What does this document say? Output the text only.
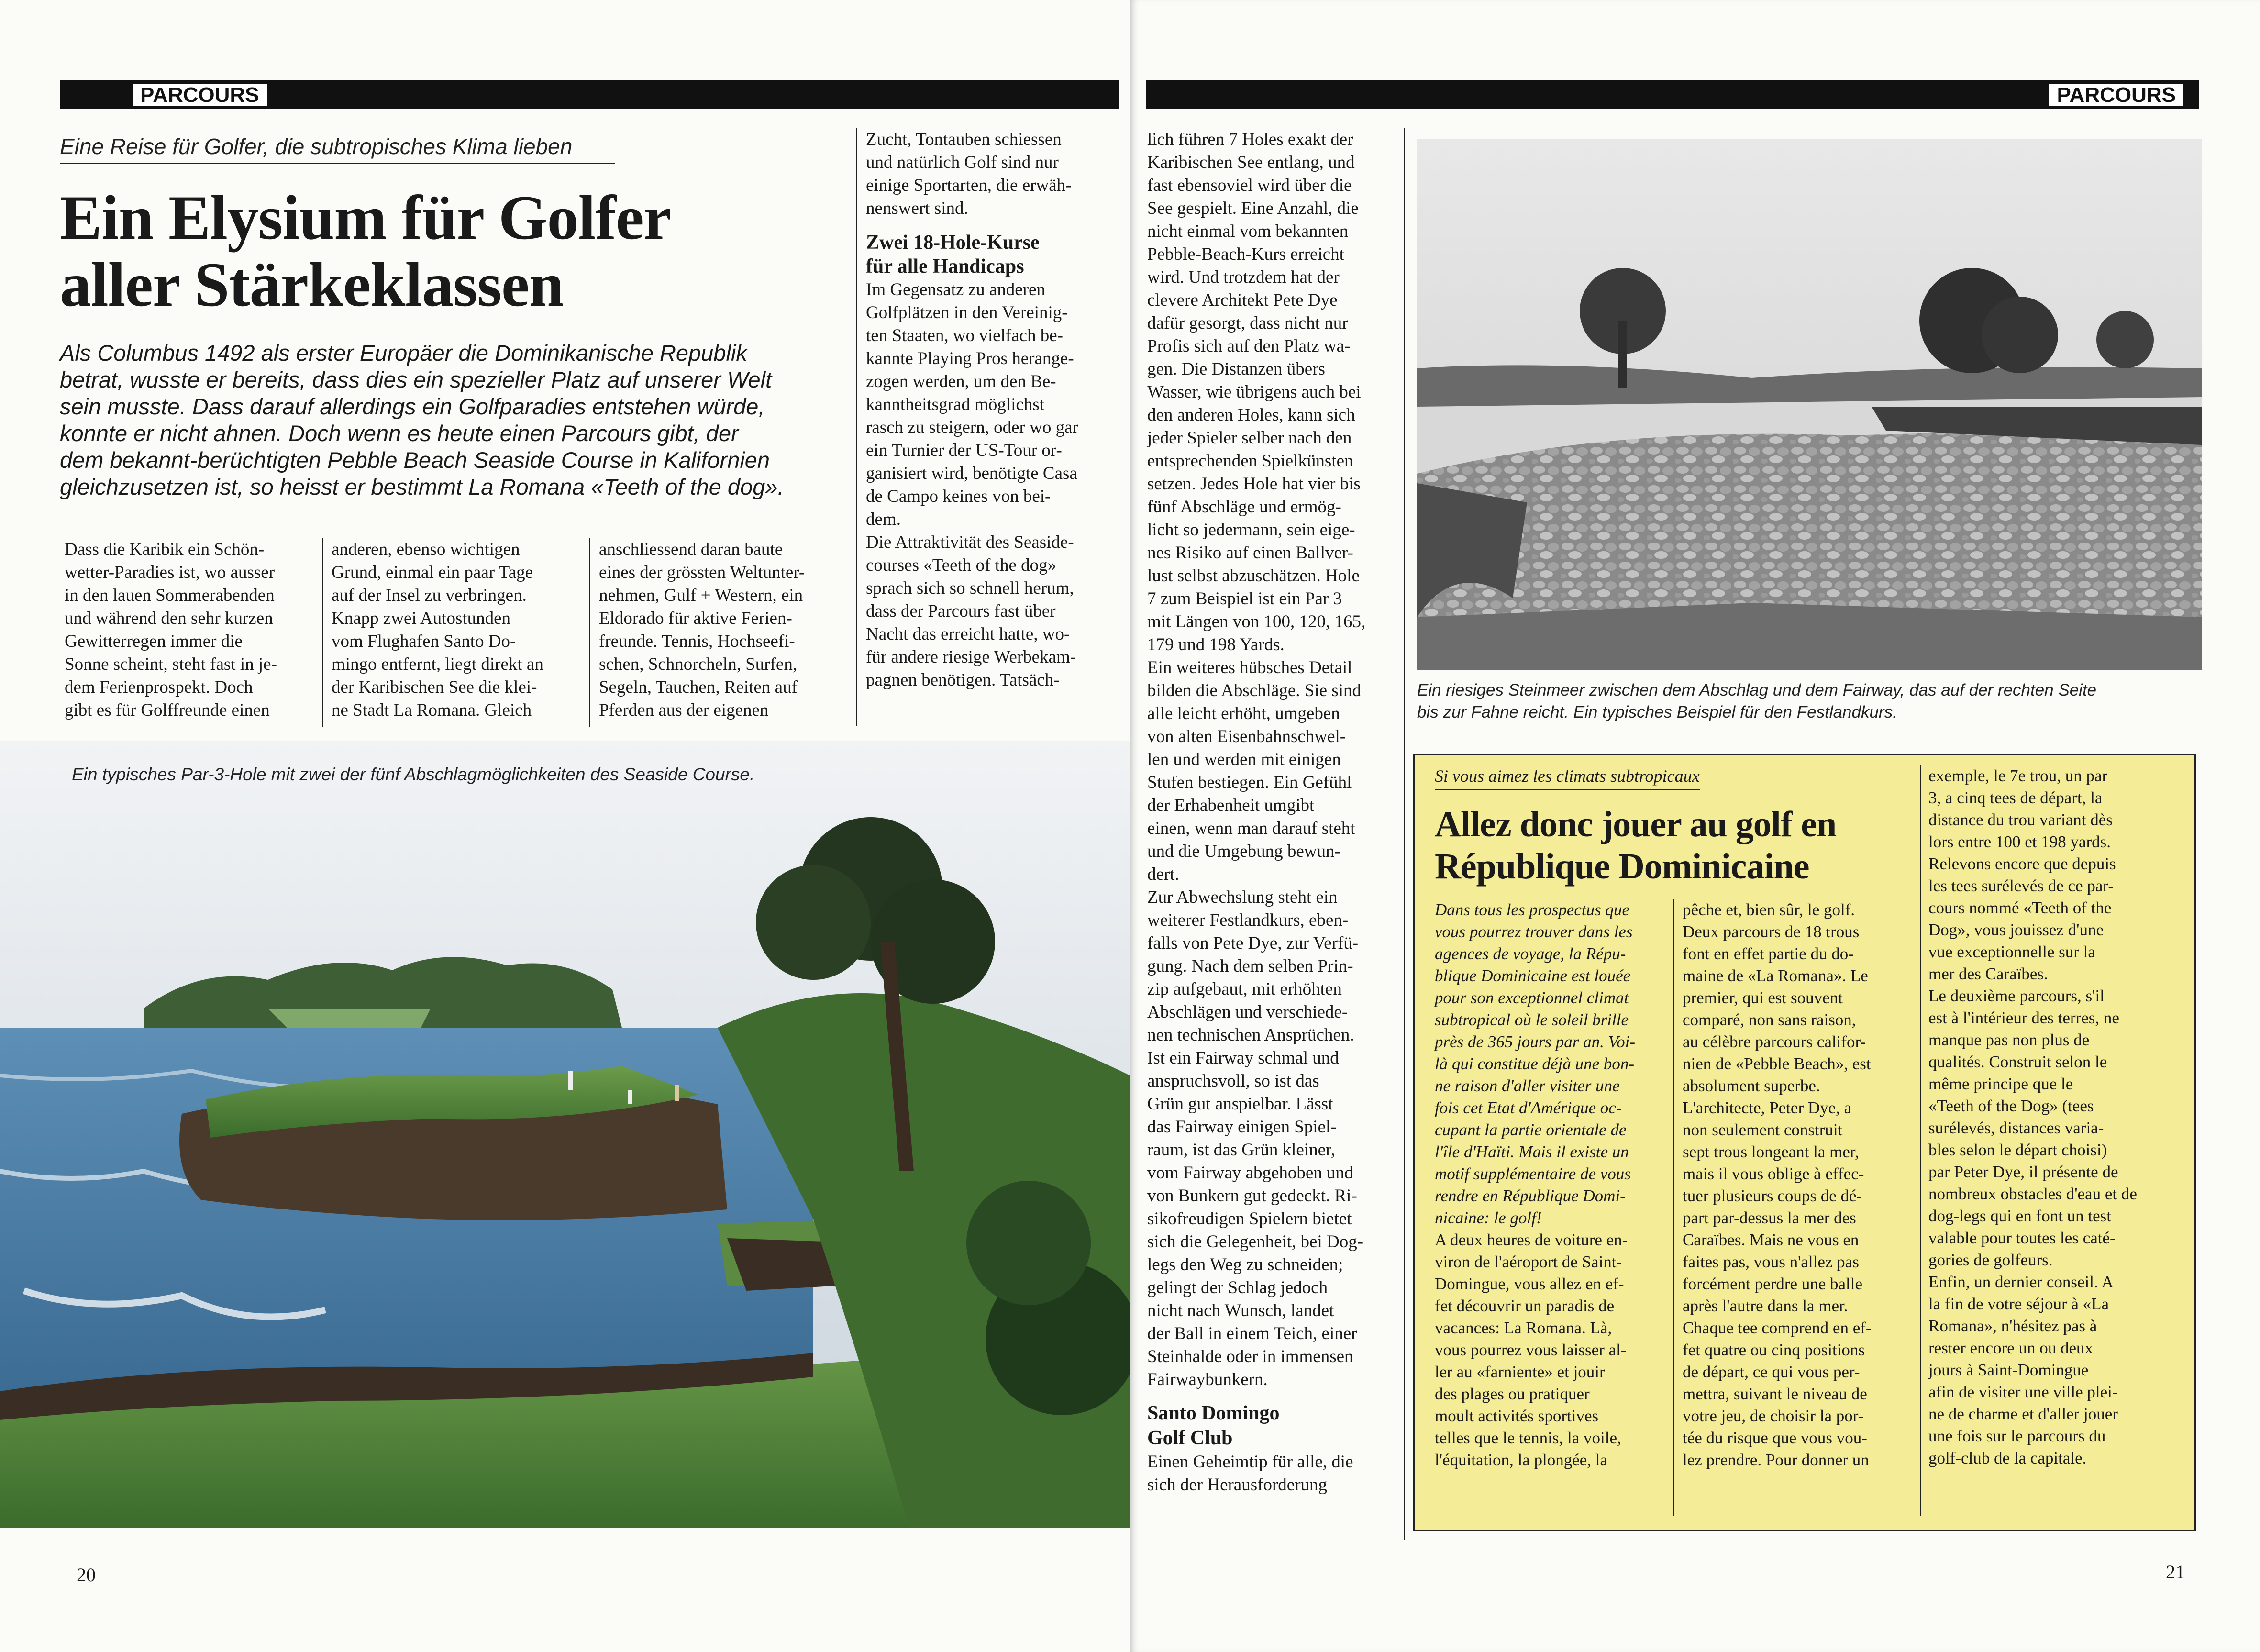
PARCOURS
Eine Reise für Golfer, die subtropisches Klima lieben
Ein Elysium für Golfer
aller Stärkeklassen
Als Columbus 1492 als erster Europäer die Dominikanische Republik
betrat, wusste er bereits, dass dies ein spezieller Platz auf unserer Welt
sein musste. Dass darauf allerdings ein Golfparadies entstehen würde,
konnte er nicht ahnen. Doch wenn es heute einen Parcours gibt, der
dem bekannt-berüchtigten Pebble Beach Seaside Course in Kalifornien
gleichzusetzen ist, so heisst er bestimmt La Romana «Teeth of the dog».

Dass die Karibik ein Schön-

wetter-Paradies ist, wo ausser

in den lauen Sommerabenden

und während den sehr kurzen

Gewitterregen immer die

Sonne scheint, steht fast in je-

dem Ferienprospekt. Doch

gibt es für Golffreunde einen

anderen, ebenso wichtigen

Grund, einmal ein paar Tage

auf der Insel zu verbringen.

Knapp zwei Autostunden

vom Flughafen Santo Do-

mingo entfernt, liegt direkt an

der Karibischen See die klei-

ne Stadt La Romana. Gleich

anschliessend daran baute

eines der grössten Weltunter-

nehmen, Gulf + Western, ein

Eldorado für aktive Ferien-

freunde. Tennis, Hochseefi-

schen, Schnorcheln, Surfen,

Segeln, Tauchen, Reiten auf

Pferden aus der eigenen

Zucht, Tontauben schiessen

und natürlich Golf sind nur

einige Sportarten, die erwäh-

nenswert sind.

Zwei 18-Hole-Kurse
für alle Handicaps

Im Gegensatz zu anderen

Golfplätzen in den Vereinig-

ten Staaten, wo vielfach be-

kannte Playing Pros herange-

zogen werden, um den Be-

kanntheitsgrad möglichst

rasch zu steigern, oder wo gar

ein Turnier der US-Tour or-

ganisiert wird, benötigte Casa

de Campo keines von bei-

dem.

Die Attraktivität des Seaside-

courses «Teeth of the dog»

sprach sich so schnell herum,

dass der Parcours fast über

Nacht das erreicht hatte, wo-

für andere riesige Werbekam-

pagnen benötigen. Tatsäch-

Ein typisches Par-3-Hole mit zwei der fünf Abschlagmöglichkeiten des Seaside Course.
20
PARCOURS

lich führen 7 Holes exakt der

Karibischen See entlang, und

fast ebensoviel wird über die

See gespielt. Eine Anzahl, die

nicht einmal vom bekannten

Pebble-Beach-Kurs erreicht

wird. Und trotzdem hat der

clevere Architekt Pete Dye

dafür gesorgt, dass nicht nur

Profis sich auf den Platz wa-

gen. Die Distanzen übers

Wasser, wie übrigens auch bei

den anderen Holes, kann sich

jeder Spieler selber nach den

entsprechenden Spielkünsten

setzen. Jedes Hole hat vier bis

fünf Abschläge und ermög-

licht so jedermann, sein eige-

nes Risiko auf einen Ballver-

lust selbst abzuschätzen. Hole

7 zum Beispiel ist ein Par 3

mit Längen von 100, 120, 165,

179 und 198 Yards.

Ein weiteres hübsches Detail

bilden die Abschläge. Sie sind

alle leicht erhöht, umgeben

von alten Eisenbahnschwel-

len und werden mit einigen

Stufen bestiegen. Ein Gefühl

der Erhabenheit umgibt

einen, wenn man darauf steht

und die Umgebung bewun-

dert.

Zur Abwechslung steht ein

weiterer Festlandkurs, eben-

falls von Pete Dye, zur Verfü-

gung. Nach dem selben Prin-

zip aufgebaut, mit erhöhten

Abschlägen und verschiede-

nen technischen Ansprüchen.

Ist ein Fairway schmal und

anspruchsvoll, so ist das

Grün gut anspielbar. Lässt

das Fairway einigen Spiel-

raum, ist das Grün kleiner,

vom Fairway abgehoben und

von Bunkern gut gedeckt. Ri-

sikofreudigen Spielern bietet

sich die Gelegenheit, bei Dog-

legs den Weg zu schneiden;

gelingt der Schlag jedoch

nicht nach Wunsch, landet

der Ball in einem Teich, einer

Steinhalde oder in immensen

Fairwaybunkern.

Santo Domingo
Golf Club

Einen Geheimtip für alle, die

sich der Herausforderung

Ein riesiges Steinmeer zwischen dem Abschlag und dem Fairway, das auf der rechten Seite
bis zur Fahne reicht. Ein typisches Beispiel für den Festlandkurs.
Si vous aimez les climats subtropicaux
Allez donc jouer au golf en
République Dominicaine

Dans tous les prospectus que

vous pourrez trouver dans les

agences de voyage, la Répu-

blique Dominicaine est louée

pour son exceptionnel climat

subtropical où le soleil brille

près de 365 jours par an. Voi-

là qui constitue déjà une bon-

ne raison d'aller visiter une

fois cet Etat d'Amérique oc-

cupant la partie orientale de

l'île d'Haïti. Mais il existe un

motif supplémentaire de vous

rendre en République Domi-

nicaine: le golf!

A deux heures de voiture en-

viron de l'aéroport de Saint-

Domingue, vous allez en ef-

fet découvrir un paradis de

vacances: La Romana. Là,

vous pourrez vous laisser al-

ler au «farniente» et jouir

des plages ou pratiquer

moult activités sportives

telles que le tennis, la voile,

l'équitation, la plongée, la

pêche et, bien sûr, le golf.

Deux parcours de 18 trous

font en effet partie du do-

maine de «La Romana». Le

premier, qui est souvent

comparé, non sans raison,

au célèbre parcours califor-

nien de «Pebble Beach», est

absolument superbe.

L'architecte, Peter Dye, a

non seulement construit

sept trous longeant la mer,

mais il vous oblige à effec-

tuer plusieurs coups de dé-

part par-dessus la mer des

Caraïbes. Mais ne vous en

faites pas, vous n'allez pas

forcément perdre une balle

après l'autre dans la mer.

Chaque tee comprend en ef-

fet quatre ou cinq positions

de départ, ce qui vous per-

mettra, suivant le niveau de

votre jeu, de choisir la por-

tée du risque que vous vou-

lez prendre. Pour donner un

exemple, le 7e trou, un par

3, a cinq tees de départ, la

distance du trou variant dès

lors entre 100 et 198 yards.

Relevons encore que depuis

les tees surélevés de ce par-

cours nommé «Teeth of the

Dog», vous jouissez d'une

vue exceptionnelle sur la

mer des Caraïbes.

Le deuxième parcours, s'il

est à l'intérieur des terres, ne

manque pas non plus de

qualités. Construit selon le

même principe que le

«Teeth of the Dog» (tees

surélevés, distances varia-

bles selon le départ choisi)

par Peter Dye, il présente de

nombreux obstacles d'eau et de

dog-legs qui en font un test

valable pour toutes les caté-

gories de golfeurs.

Enfin, un dernier conseil. A

la fin de votre séjour à «La

Romana», n'hésitez pas à

rester encore un ou deux

jours à Saint-Domingue

afin de visiter une ville plei-

ne de charme et d'aller jouer

une fois sur le parcours du

golf-club de la capitale.

21
